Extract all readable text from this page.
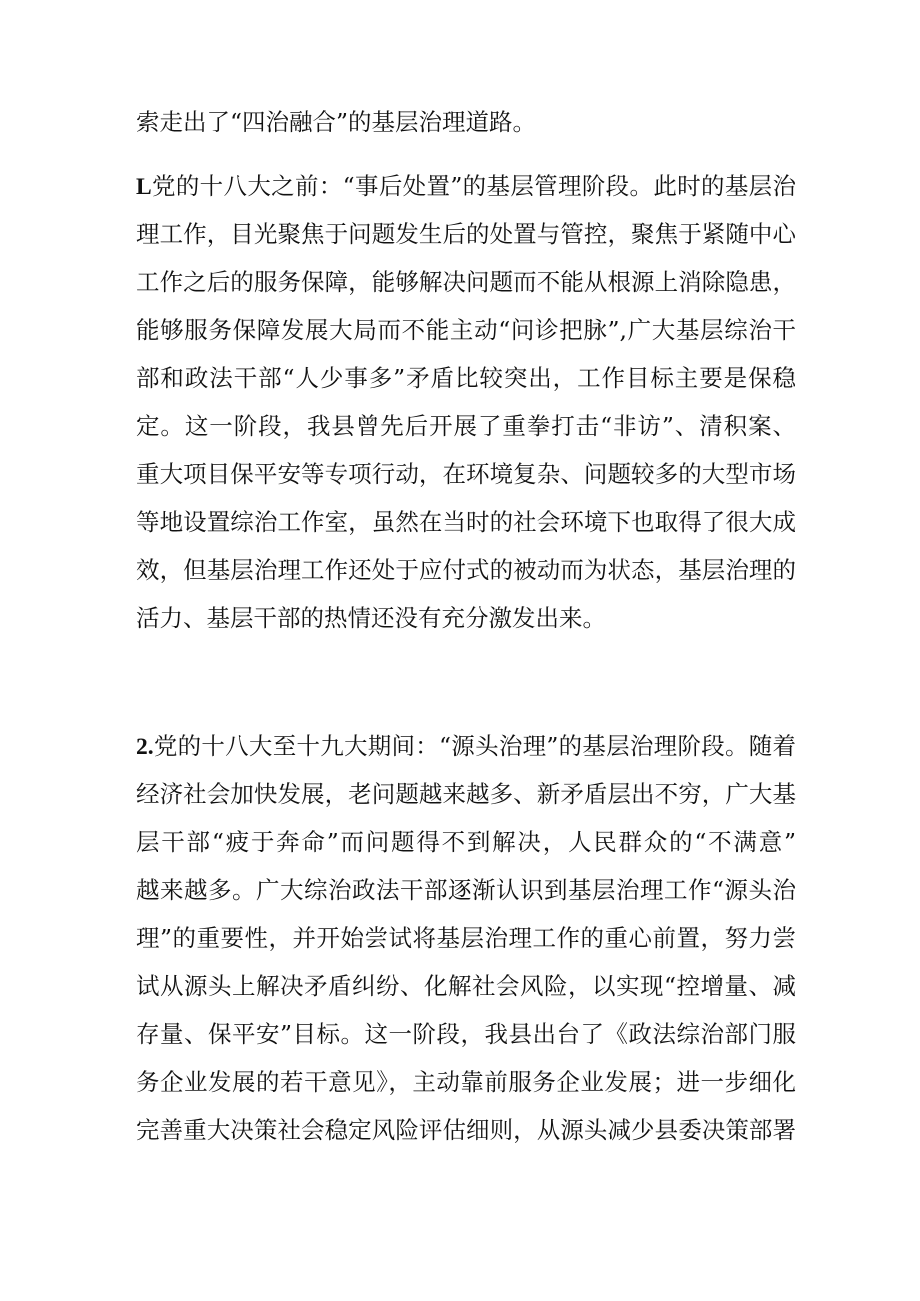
索走出了“四治融合”的基层治理道路。
L党的十八大之前：“事后处置”的基层管理阶段。此时的基层治
理工作，目光聚焦于问题发生后的处置与管控，聚焦于紧随中心
工作之后的服务保障，能够解决问题而不能从根源上消除隐患，
能够服务保障发展大局而不能主动“问诊把脉”,广大基层综治干
部和政法干部“人少事多”矛盾比较突出，工作目标主要是保稳
定。这一阶段，我县曾先后开展了重拳打击“非访”、清积案、
重大项目保平安等专项行动，在环境复杂、问题较多的大型市场
等地设置综治工作室，虽然在当时的社会环境下也取得了很大成
效，但基层治理工作还处于应付式的被动而为状态，基层治理的
活力、基层干部的热情还没有充分激发出来。
2.党的十八大至十九大期间：“源头治理”的基层治理阶段。随着
经济社会加快发展，老问题越来越多、新矛盾层出不穷，广大基
层干部“疲于奔命”而问题得不到解决，人民群众的“不满意”
越来越多。广大综治政法干部逐渐认识到基层治理工作“源头治
理”的重要性，并开始尝试将基层治理工作的重心前置，努力尝
试从源头上解决矛盾纠纷、化解社会风险，以实现“控增量、减
存量、保平安”目标。这一阶段，我县出台了《政法综治部门服
务企业发展的若干意见》，主动靠前服务企业发展；进一步细化
完善重大决策社会稳定风险评估细则，从源头减少县委决策部署
